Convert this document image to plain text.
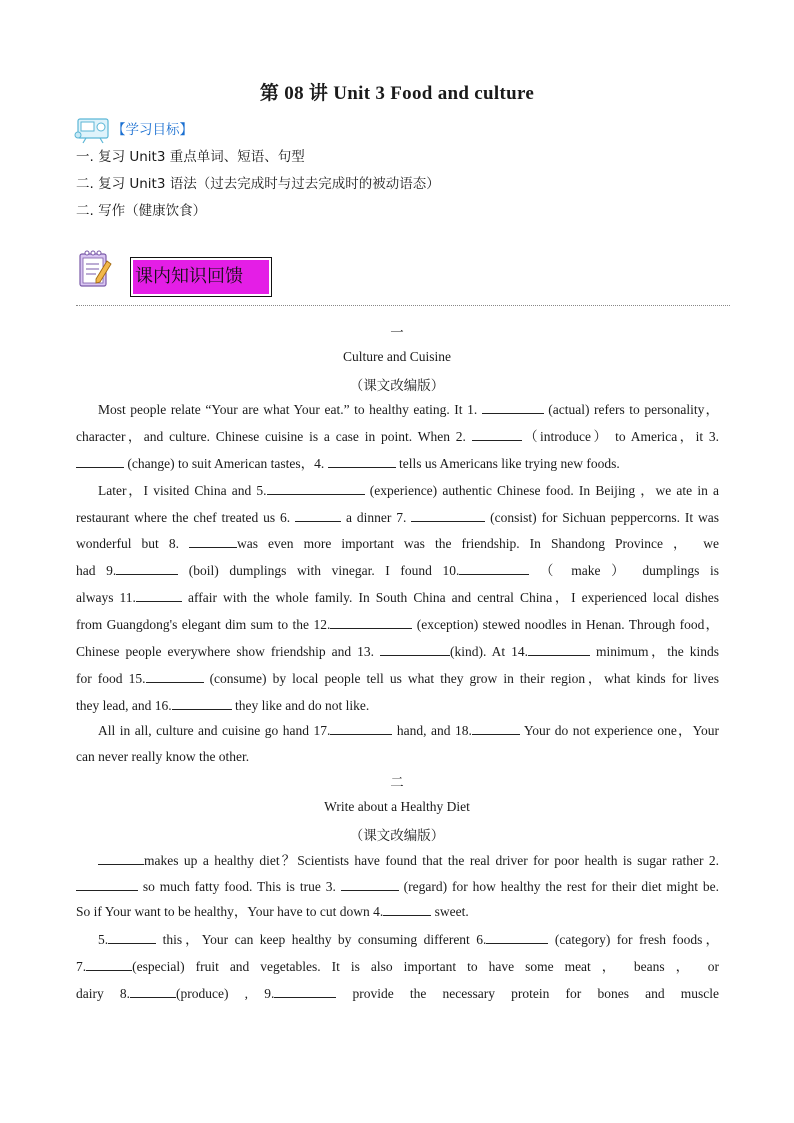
第 08 讲 Unit 3 Food and culture
【学习目标】
一. 复习 Unit3 重点单词、短语、句型
二. 复习 Unit3 语法（过去完成时与过去完成时的被动语态）
二. 写作（健康饮食）
课内知识回馈
一
Culture and Cuisine
（课文改编版）
Most people relate “Your are what Your eat.” to healthy eating. It 1.	(actual) refers to personality，
character，and culture. Chinese cuisine is a case in point. When 2.	（introduce） to America，it 3.
(change) to suit American tastes，4.	tells us Americans like trying new foods.
Later，I visited China and 5.	(experience) authentic Chinese food. In Beijing ，we ate in a
restaurant where the chef treated us 6.	a dinner 7.	(consist) for Sichuan peppercorns. It was
wonderful but 8.	was even more important was the friendship. In Shandong Province ， we
had 9.	(boil) dumplings with vinegar. I found 10.	（ make ） dumplings is
always 11.	affair with the whole family. In South China and central China，I experienced local dishes
from Guangdong's elegant dim sum to the 12.	(exception) stewed noodles in Henan. Through food，
Chinese people everywhere show friendship and 13.	(kind). At 14.	minimum，the kinds
for food 15.	(consume) by local people tell us what they grow in their region，what kinds for lives
they lead, and 16.	they like and do not like.
All in all, culture and cuisine go hand 17.	hand, and 18.	Your do not experience one，Your
can never really know the other.
二
Write about a Healthy Diet
（课文改编版）
makes up a healthy diet？Scientists have found that the real driver for poor health is sugar rather 2.
so much fatty food. This is true 3.	(regard) for how healthy the rest for their diet might be.
So if Your want to be healthy，Your have to cut down 4.	sweet.
5.	this，Your can keep healthy by consuming different 6.	(category) for fresh foods，
7.	(especial) fruit and vegetables. It is also important to have some meat ， beans ， or
dairy 8.	(produce) , 9.	provide the necessary protein for bones and muscle
